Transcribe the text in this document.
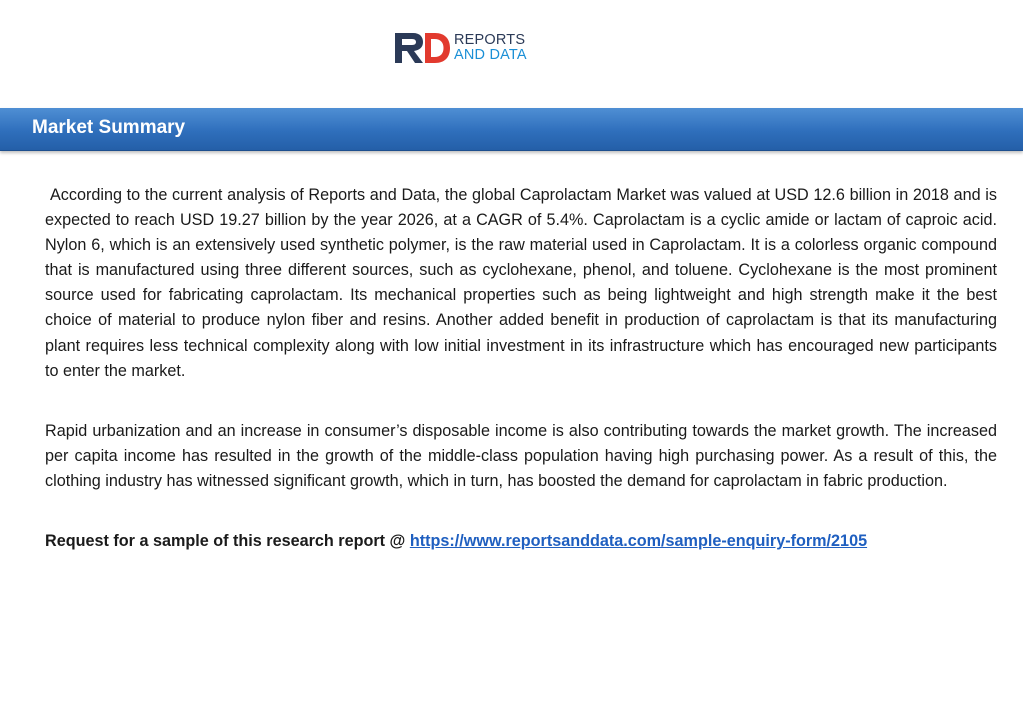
REPORTS
AND DATA
Market Summary

According to the current analysis of Reports and Data, the global Caprolactam Market was valued at USD 12.6 billion in 2018 and is expected to reach USD 19.27 billion by the year 2026, at a CAGR of 5.4%. Caprolactam is a cyclic amide or lactam of caproic acid. Nylon 6, which is an extensively used synthetic polymer, is the raw material used in Caprolactam. It is a colorless organic compound that is manufactured using three different sources, such as cyclohexane, phenol, and toluene. Cyclohexane is the most prominent source used for fabricating caprolactam. Its mechanical properties such as being lightweight and high strength make it the best choice of material to produce nylon fiber and resins. Another added benefit in production of caprolactam is that its manufacturing plant requires less technical complexity along with low initial investment in its infrastructure which has encouraged new participants to enter the market.

Rapid urbanization and an increase in consumer’s disposable income is also contributing towards the market growth. The increased per capita income has resulted in the growth of the middle-class population having high purchasing power. As a result of this, the clothing industry has witnessed significant growth, which in turn, has boosted the demand for caprolactam in fabric production.

Request for a sample of this research report @ https://www.reportsanddata.com/sample-enquiry-form/2105
